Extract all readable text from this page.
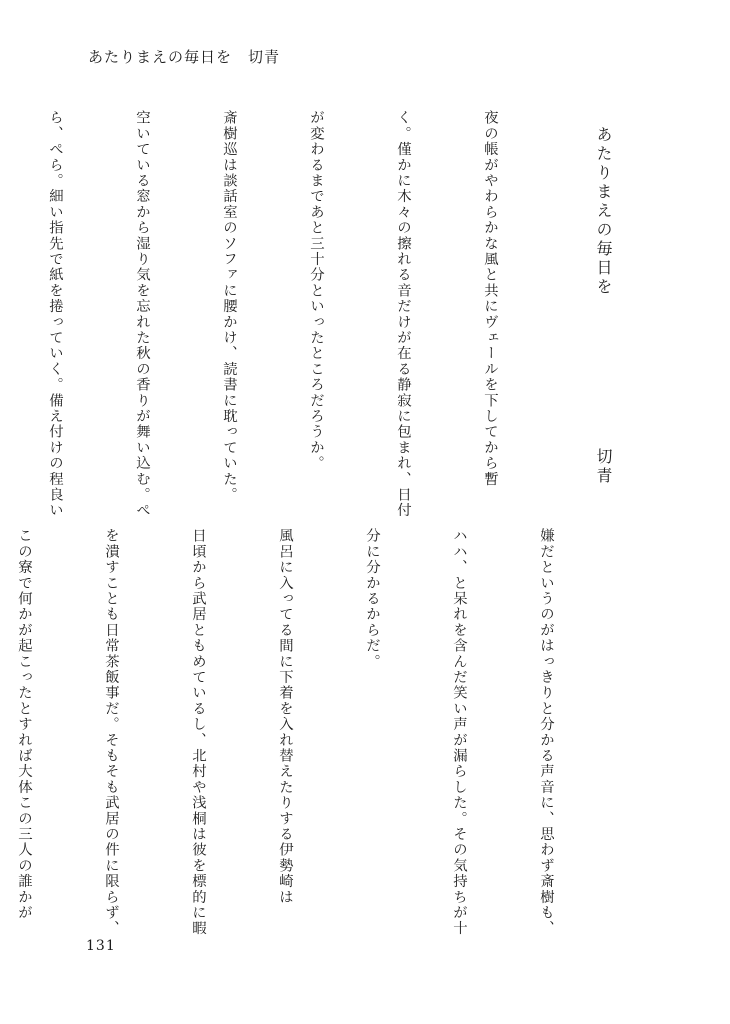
あたりまえの毎日を　切青
あたりまえの毎日を
切青

夜の帳がやわらかな風と共にヴェールを下してから暫

く。僅かに木々の擦れる音だけが在る静寂に包まれ、日付

が変わるまであと三十分といったところだろうか。

斎樹巡は談話室のソファに腰かけ、読書に耽っていた。

空いている窓から湿り気を忘れた秋の香りが舞い込む。ぺ

ら、ぺら。細い指先で紙を捲っていく。備え付けの程良い

嫌だというのがはっきりと分かる声音に、思わず斎樹も、

ハハ、と呆れを含んだ笑い声が漏らした。その気持ちが十

分に分かるからだ。

風呂に入ってる間に下着を入れ替えたりする伊勢崎は

日頃から武居ともめているし、北村や浅桐は彼を標的に暇

を潰すことも日常茶飯事だ。そもそも武居の件に限らず、

この寮で何かが起こったとすれば大体この三人の誰かが

131
